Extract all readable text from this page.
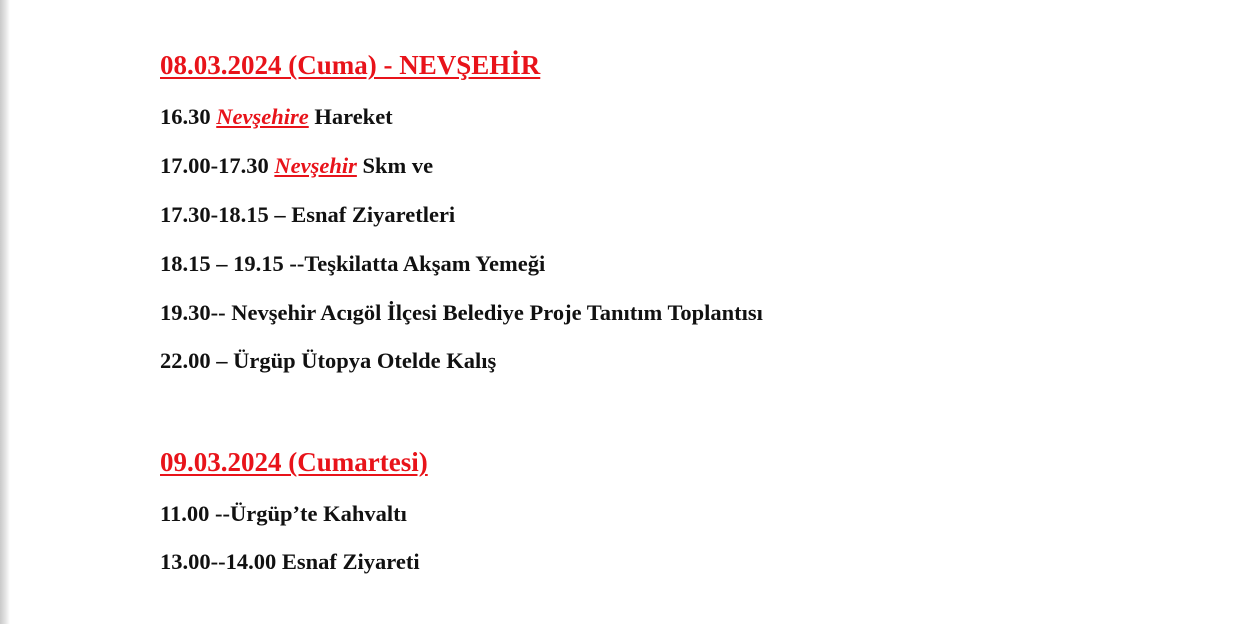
08.03.2024 (Cuma) - NEVŞEHİR
16.30 Nevşehire Hareket
17.00-17.30 Nevşehir Skm ve
17.30-18.15 – Esnaf Ziyaretleri
18.15 – 19.15 --Teşkilatta Akşam Yemeği
19.30-- Nevşehir Acıgöl İlçesi Belediye Proje Tanıtım Toplantısı
22.00 – Ürgüp Ütopya Otelde Kalış
09.03.2024 (Cumartesi)
11.00 --Ürgüp’te Kahvaltı
13.00--14.00 Esnaf Ziyareti
